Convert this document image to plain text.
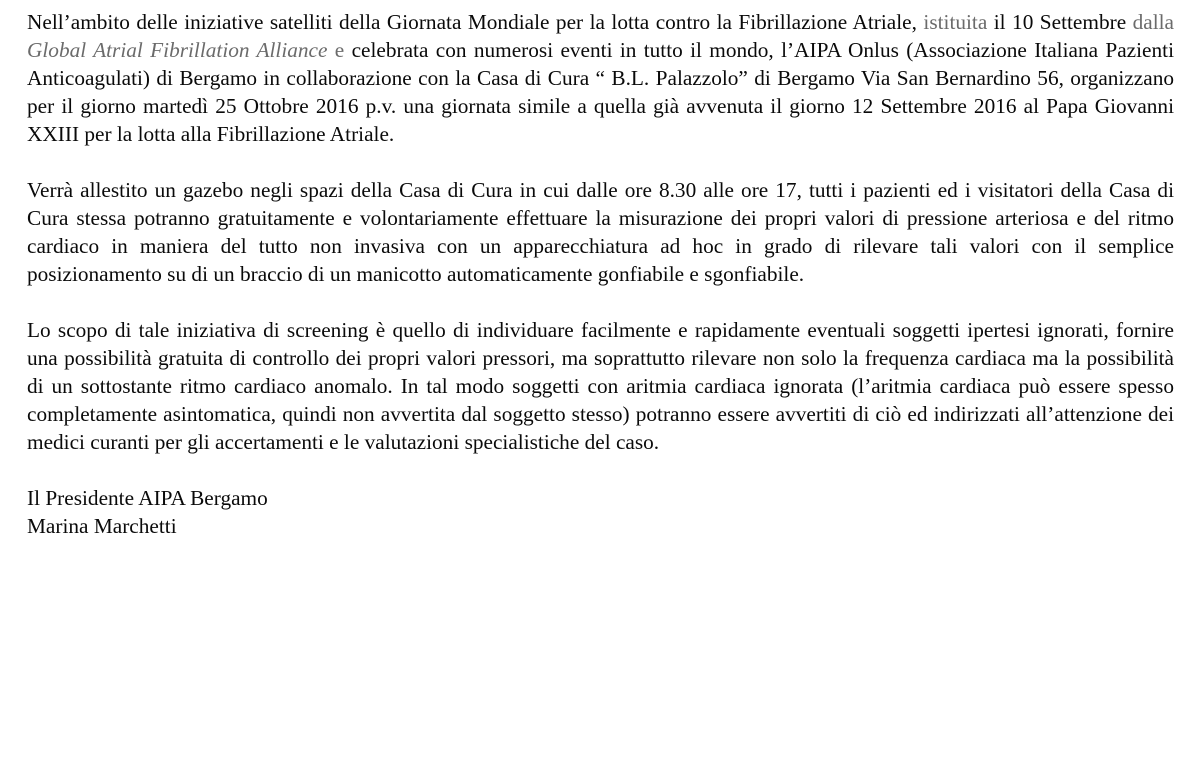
Nell’ambito delle iniziative satelliti della Giornata Mondiale per la lotta contro la Fibrillazione Atriale, istituita il 10 Settembre dalla Global Atrial Fibrillation Alliance e celebrata con numerosi eventi in tutto il mondo, l’AIPA Onlus (Associazione Italiana Pazienti Anticoagulati) di Bergamo in collaborazione con la Casa di Cura “ B.L. Palazzolo” di Bergamo Via San Bernardino 56, organizzano per il giorno martedì 25 Ottobre 2016 p.v. una giornata simile a quella già avvenuta il giorno 12 Settembre 2016 al Papa Giovanni XXIII per la lotta alla Fibrillazione Atriale.

Verrà allestito un gazebo negli spazi della Casa di Cura in cui dalle ore 8.30 alle ore 17, tutti i pazienti ed i visitatori della Casa di Cura stessa potranno gratuitamente e volontariamente effettuare la misurazione dei propri valori di pressione arteriosa e del ritmo cardiaco in maniera del tutto non invasiva con un apparecchiatura ad hoc in grado di rilevare tali valori con il semplice posizionamento su di un braccio di un manicotto automaticamente gonfiabile e sgonfiabile.

Lo scopo di tale iniziativa di screening è quello di individuare facilmente e rapidamente eventuali soggetti ipertesi ignorati, fornire una possibilità gratuita di controllo dei propri valori pressori, ma soprattutto rilevare non solo la frequenza cardiaca ma la possibilità di un sottostante ritmo cardiaco anomalo. In tal modo soggetti con aritmia cardiaca ignorata (l’aritmia cardiaca può essere spesso completamente asintomatica, quindi non avvertita dal soggetto stesso) potranno essere avvertiti di ciò ed indirizzati all’attenzione dei medici curanti per gli accertamenti e le valutazioni specialistiche del caso.

Il Presidente AIPA Bergamo

Marina Marchetti
